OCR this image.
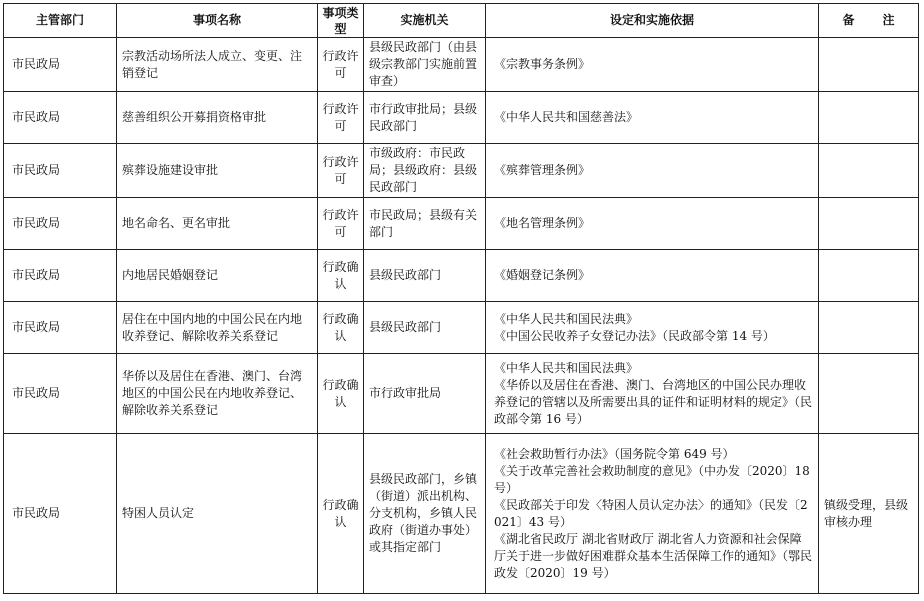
主管部门	事项名称	事项类型	实施机关	设定和实施依据	备 注
市民政局	宗教活动场所法人成立、变更、注销登记	行政许可	县级民政部门（由县级宗教部门实施前置审查）	《宗教事务条例》	

市民政局	慈善组织公开募捐资格审批	行政许可	市行政审批局；县级民政部门	《中华人民共和国慈善法》	

市民政局	殡葬设施建设审批	行政许可	市级政府：市民政局；县级政府：县级民政部门	《殡葬管理条例》	

市民政局	地名命名、更名审批	行政许可	市民政局；县级有关部门	《地名管理条例》	

市民政局	内地居民婚姻登记	行政确认	县级民政部门	《婚姻登记条例》	

市民政局	居住在中国内地的中国公民在内地收养登记、解除收养关系登记	行政确认	县级民政部门	《中华人民共和国民法典》
《中国公民收养子女登记办法》（民政部令第 14 号）	

市民政局	华侨以及居住在香港、澳门、台湾地区的中国公民在内地收养登记、解除收养关系登记	行政确认	市行政审批局	《中华人民共和国民法典》
《华侨以及居住在香港、澳门、台湾地区的中国公民办理收养登记的管辖以及所需要出具的证件和证明材料的规定》（民政部令第 16 号）	

市民政局	特困人员认定	行政确认	县级民政部门，乡镇（街道）派出机构、分支机构，乡镇人民政府（街道办事处）或其指定部门	《社会救助暂行办法》（国务院令第 649 号）
《关于改革完善社会救助制度的意见》（中办发〔2020〕18 号）
《民政部关于印发〈特困人员认定办法〉的通知》（民发〔2021〕43 号）
《湖北省民政厅 湖北省财政厅 湖北省人力资源和社会保障厅关于进一步做好困难群众基本生活保障工作的通知》（鄂民政发〔2020〕19 号）	镇级受理，县级审核办理
